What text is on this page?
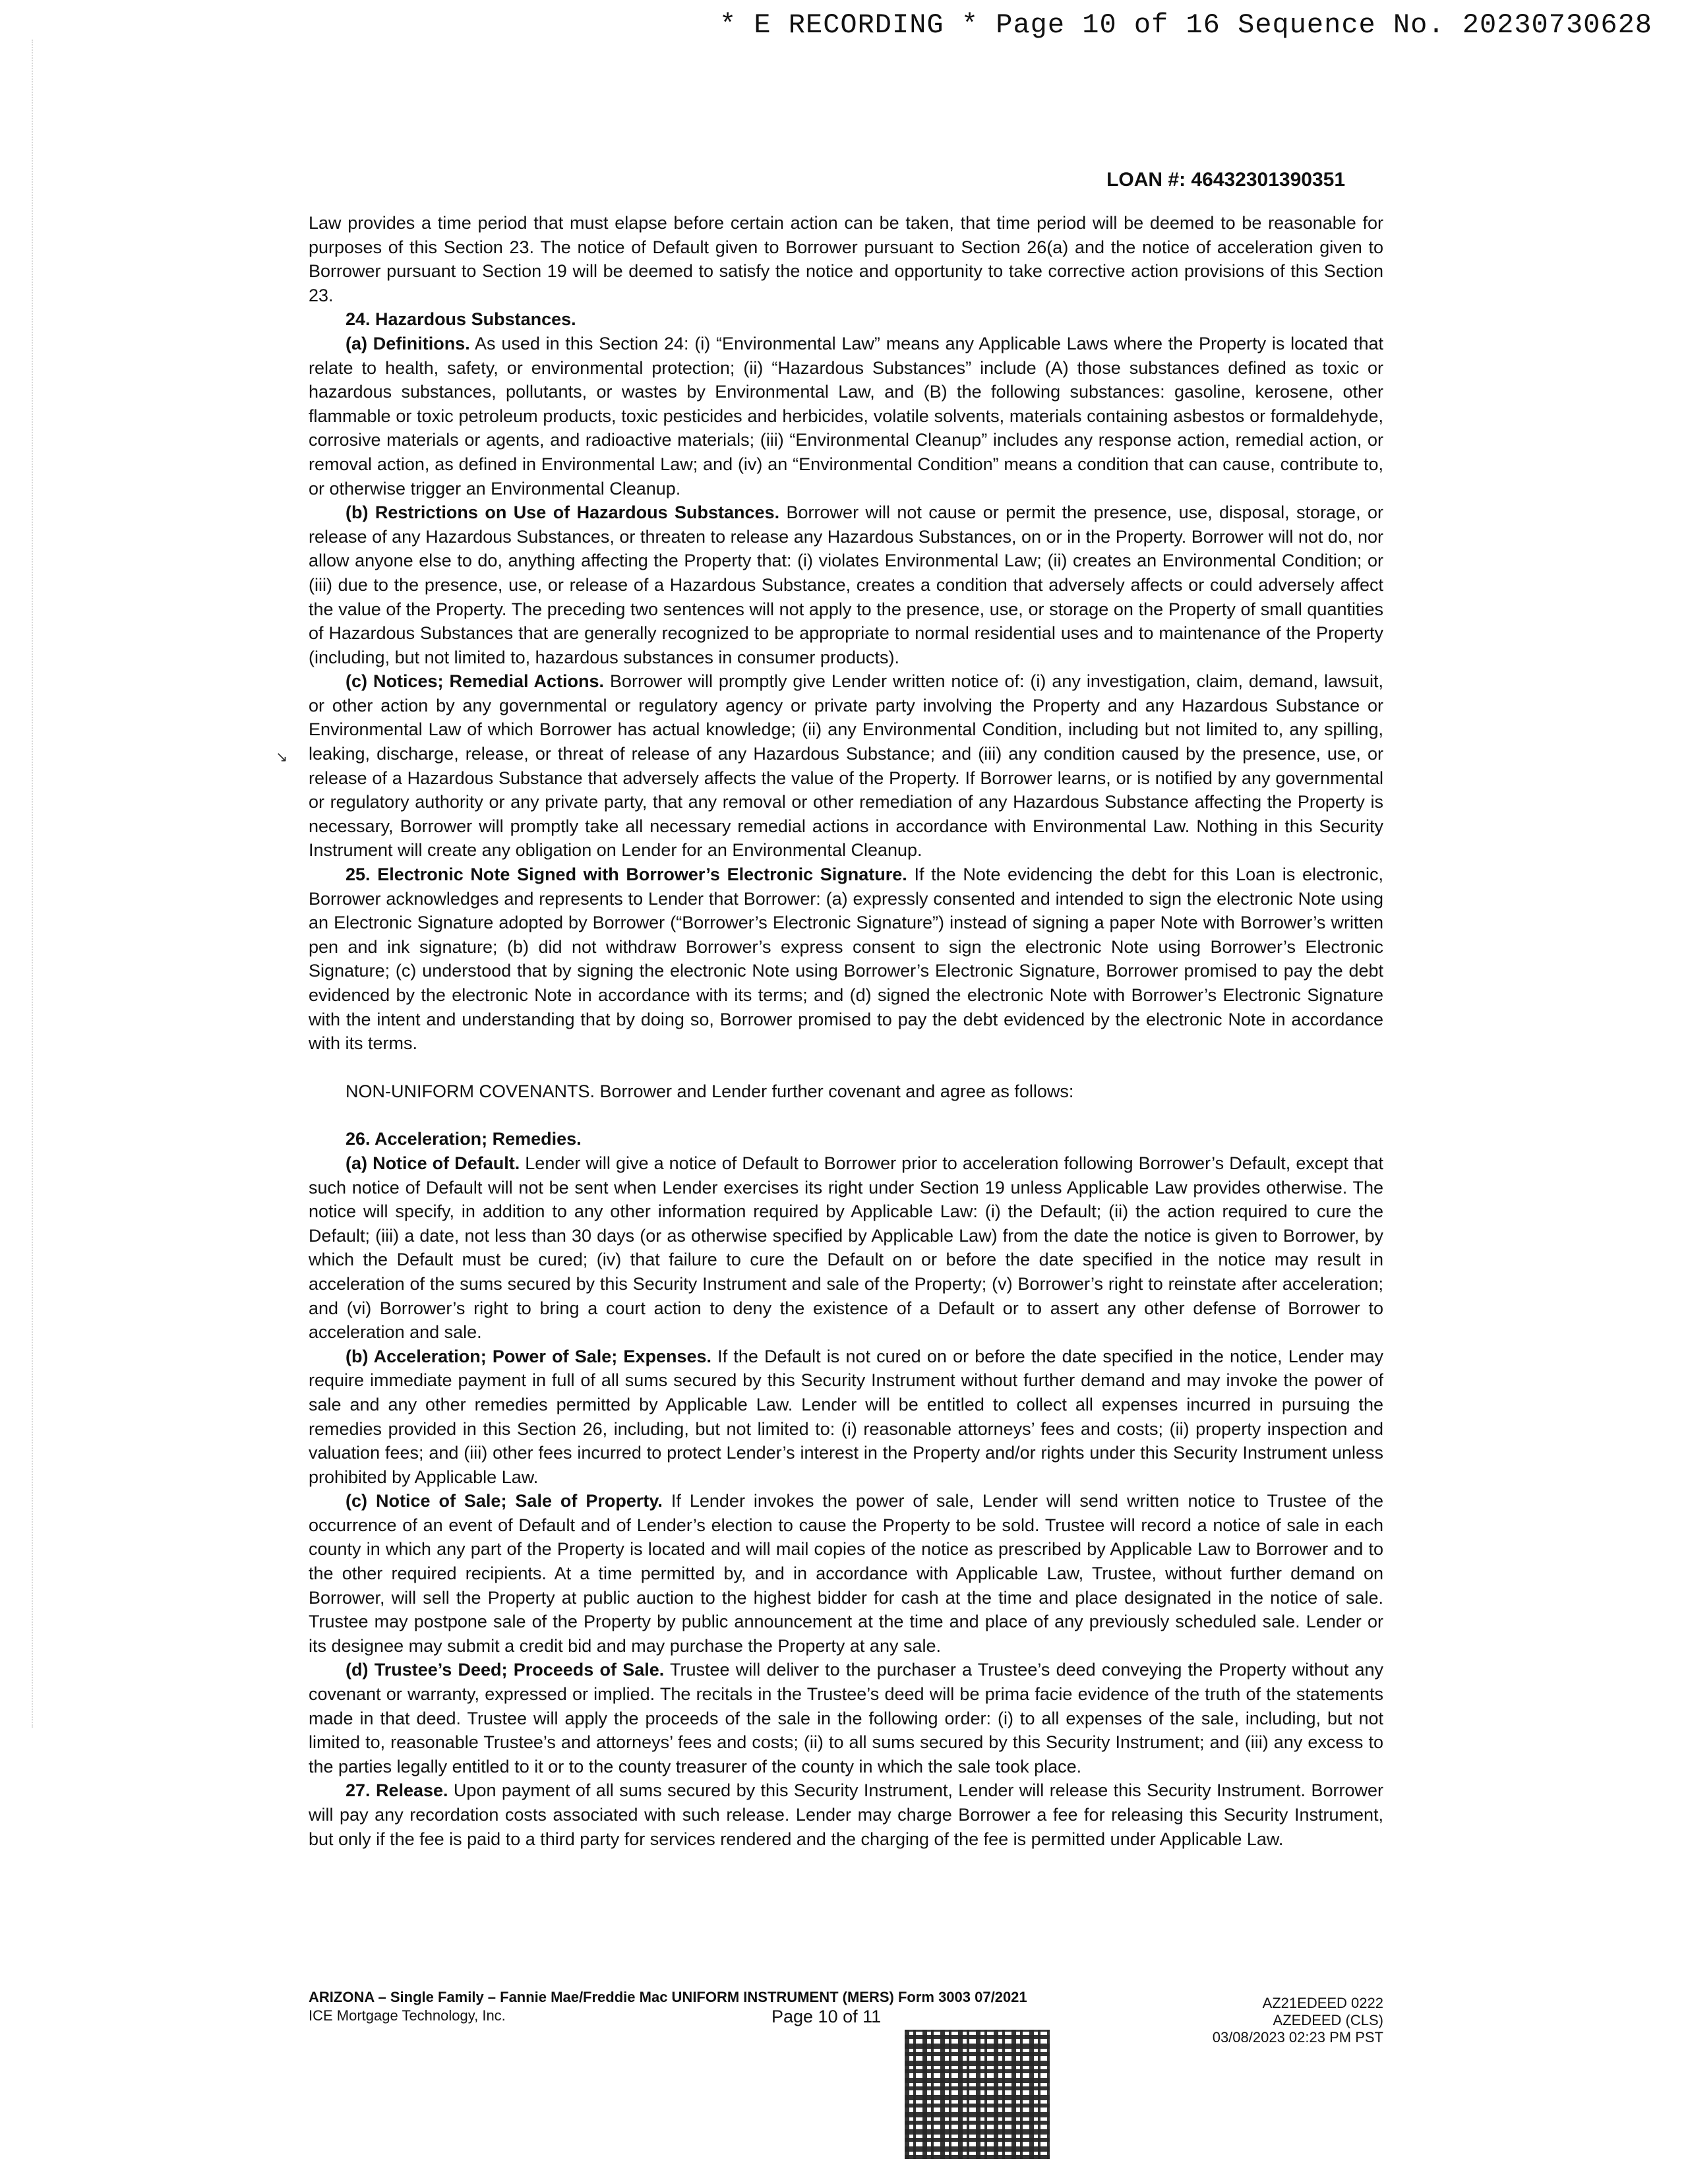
* E RECORDING * Page 10 of 16 Sequence No. 20230730628
LOAN #: 46432301390351
↘

Law provides a time period that must elapse before certain action can be taken, that time period will be deemed to be reasonable for purposes of this Section 23. The notice of Default given to Borrower pursuant to Section 26(a) and the notice of acceleration given to Borrower pursuant to Section 19 will be deemed to satisfy the notice and opportunity to take corrective action provisions of this Section 23.

24. Hazardous Substances.

(a) Definitions. As used in this Section 24: (i) “Environmental Law” means any Applicable Laws where the Property is located that relate to health, safety, or environmental protection; (ii) “Hazardous Substances” include (A) those substances defined as toxic or hazardous substances, pollutants, or wastes by Environmental Law, and (B) the following substances: gasoline, kerosene, other flammable or toxic petroleum products, toxic pesticides and herbicides, volatile solvents, materials containing asbestos or formaldehyde, corrosive materials or agents, and radioactive materials; (iii) “Environmental Cleanup” includes any response action, remedial action, or removal action, as defined in Environmental Law; and (iv) an “Environmental Condition” means a condition that can cause, contribute to, or otherwise trigger an Environmental Cleanup.

(b) Restrictions on Use of Hazardous Substances. Borrower will not cause or permit the presence, use, disposal, storage, or release of any Hazardous Substances, or threaten to release any Hazardous Substances, on or in the Property. Borrower will not do, nor allow anyone else to do, anything affecting the Property that: (i) violates Environmental Law; (ii) creates an Environmental Condition; or (iii) due to the presence, use, or release of a Hazardous Substance, creates a condition that adversely affects or could adversely affect the value of the Property. The preceding two sentences will not apply to the presence, use, or storage on the Property of small quantities of Hazardous Substances that are generally recognized to be appropriate to normal residential uses and to maintenance of the Property (including, but not limited to, hazardous substances in consumer products).

(c) Notices; Remedial Actions. Borrower will promptly give Lender written notice of: (i) any investigation, claim, demand, lawsuit, or other action by any governmental or regulatory agency or private party involving the Property and any Hazardous Substance or Environmental Law of which Borrower has actual knowledge; (ii) any Environmental Condition, including but not limited to, any spilling, leaking, discharge, release, or threat of release of any Hazardous Substance; and (iii) any condition caused by the presence, use, or release of a Hazardous Substance that adversely affects the value of the Property. If Borrower learns, or is notified by any governmental or regulatory authority or any private party, that any removal or other remediation of any Hazardous Substance affecting the Property is necessary, Borrower will promptly take all necessary remedial actions in accordance with Environmental Law. Nothing in this Security Instrument will create any obligation on Lender for an Environmental Cleanup.

25. Electronic Note Signed with Borrower’s Electronic Signature. If the Note evidencing the debt for this Loan is electronic, Borrower acknowledges and represents to Lender that Borrower: (a) expressly consented and intended to sign the electronic Note using an Electronic Signature adopted by Borrower (“Borrower’s Electronic Signature”) instead of signing a paper Note with Borrower’s written pen and ink signature; (b) did not withdraw Borrower’s express consent to sign the electronic Note using Borrower’s Electronic Signature; (c) understood that by signing the electronic Note using Borrower’s Electronic Signature, Borrower promised to pay the debt evidenced by the electronic Note in accordance with its terms; and (d) signed the electronic Note with Borrower’s Electronic Signature with the intent and understanding that by doing so, Borrower promised to pay the debt evidenced by the electronic Note in accordance with its terms.

NON-UNIFORM COVENANTS. Borrower and Lender further covenant and agree as follows:

26. Acceleration; Remedies.

(a) Notice of Default. Lender will give a notice of Default to Borrower prior to acceleration following Borrower’s Default, except that such notice of Default will not be sent when Lender exercises its right under Section 19 unless Applicable Law provides otherwise. The notice will specify, in addition to any other information required by Applicable Law: (i) the Default; (ii) the action required to cure the Default; (iii) a date, not less than 30 days (or as otherwise specified by Applicable Law) from the date the notice is given to Borrower, by which the Default must be cured; (iv) that failure to cure the Default on or before the date specified in the notice may result in acceleration of the sums secured by this Security Instrument and sale of the Property; (v) Borrower’s right to reinstate after acceleration; and (vi) Borrower’s right to bring a court action to deny the existence of a Default or to assert any other defense of Borrower to acceleration and sale.

(b) Acceleration; Power of Sale; Expenses. If the Default is not cured on or before the date specified in the notice, Lender may require immediate payment in full of all sums secured by this Security Instrument without further demand and may invoke the power of sale and any other remedies permitted by Applicable Law. Lender will be entitled to collect all expenses incurred in pursuing the remedies provided in this Section 26, including, but not limited to: (i) reasonable attorneys’ fees and costs; (ii) property inspection and valuation fees; and (iii) other fees incurred to protect Lender’s interest in the Property and/or rights under this Security Instrument unless prohibited by Applicable Law.

(c) Notice of Sale; Sale of Property. If Lender invokes the power of sale, Lender will send written notice to Trustee of the occurrence of an event of Default and of Lender’s election to cause the Property to be sold. Trustee will record a notice of sale in each county in which any part of the Property is located and will mail copies of the notice as prescribed by Applicable Law to Borrower and to the other required recipients. At a time permitted by, and in accordance with Applicable Law, Trustee, without further demand on Borrower, will sell the Property at public auction to the highest bidder for cash at the time and place designated in the notice of sale. Trustee may postpone sale of the Property by public announcement at the time and place of any previously scheduled sale. Lender or its designee may submit a credit bid and may purchase the Property at any sale.

(d) Trustee’s Deed; Proceeds of Sale. Trustee will deliver to the purchaser a Trustee’s deed conveying the Property without any covenant or warranty, expressed or implied. The recitals in the Trustee’s deed will be prima facie evidence of the truth of the statements made in that deed. Trustee will apply the proceeds of the sale in the following order: (i) to all expenses of the sale, including, but not limited to, reasonable Trustee’s and attorneys’ fees and costs; (ii) to all sums secured by this Security Instrument; and (iii) any excess to the parties legally entitled to it or to the county treasurer of the county in which the sale took place.

27. Release. Upon payment of all sums secured by this Security Instrument, Lender will release this Security Instrument. Borrower will pay any recordation costs associated with such release. Lender may charge Borrower a fee for releasing this Security Instrument, but only if the fee is paid to a third party for services rendered and the charging of the fee is permitted under Applicable Law.

ARIZONA – Single Family – Fannie Mae/Freddie Mac UNIFORM INSTRUMENT (MERS) Form 3003 07/2021
ICE Mortgage Technology, Inc.	Page 10 of 11
AZ21EDEED 0222
AZEDEED (CLS)
03/08/2023 02:23 PM PST
